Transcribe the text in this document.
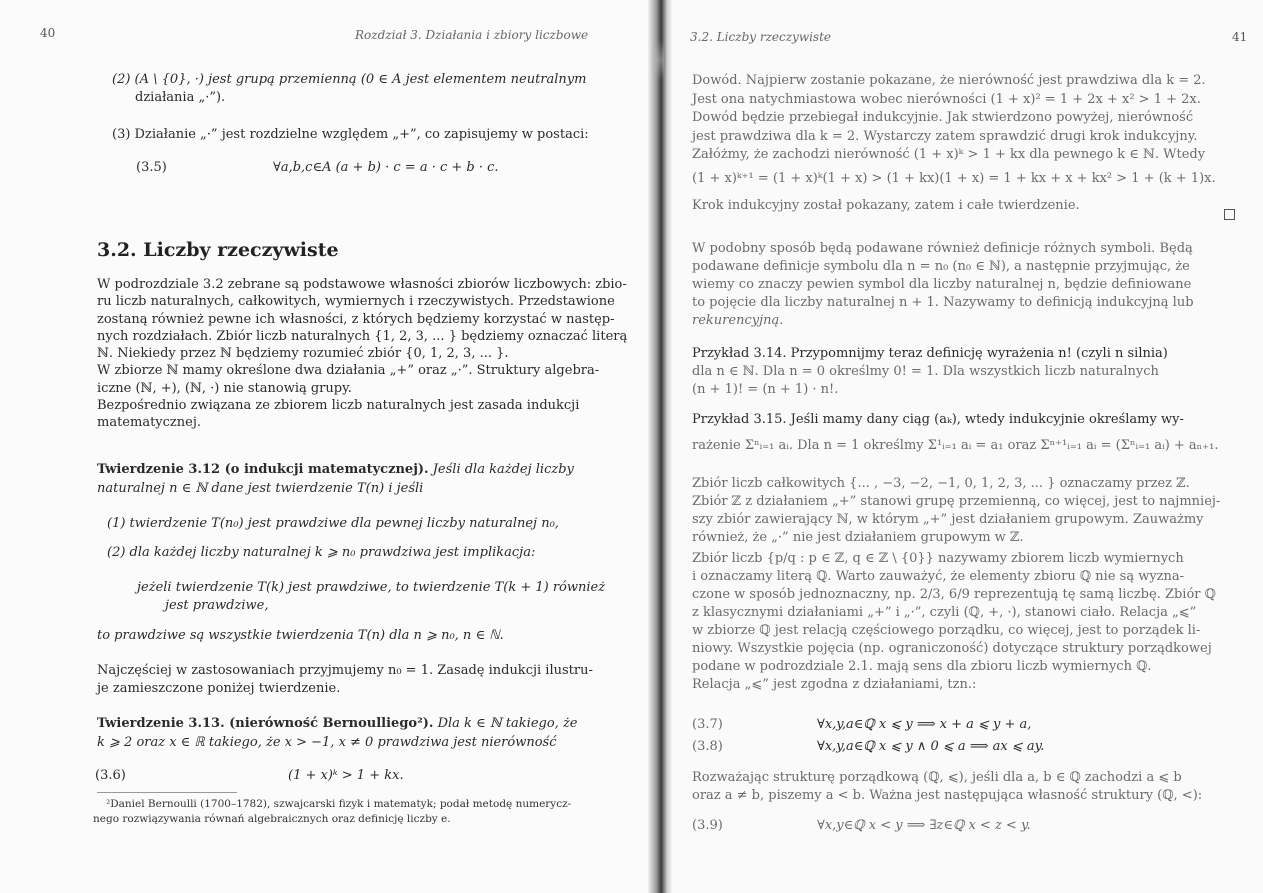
40	Rozdział 3. Działania i zbiory liczbowe
(2) (A \ {0}, ·) jest grupą przemienną (0 ∈ A jest elementem neutralnym
działania „·”).
(3) Działanie „·” jest rozdzielne względem „+”, co zapisujemy w postaci:
(3.5)	∀a,b,c∈A (a + b) · c = a · c + b · c.
3.2. Liczby rzeczywiste
W podrozdziale 3.2 zebrane są podstawowe własności zbiorów liczbowych: zbio-
ru liczb naturalnych, całkowitych, wymiernych i rzeczywistych. Przedstawione
zostaną również pewne ich własności, z których będziemy korzystać w następ-
nych rozdziałach. Zbiór liczb naturalnych {1, 2, 3, ... } będziemy oznaczać literą
ℕ. Niekiedy przez ℕ będziemy rozumieć zbiór {0, 1, 2, 3, ... }.
W zbiorze ℕ mamy określone dwa działania „+” oraz „·”. Struktury algebra-
iczne (ℕ, +), (ℕ, ·) nie stanowią grupy.
Bezpośrednio związana ze zbiorem liczb naturalnych jest zasada indukcji
matematycznej.
Twierdzenie 3.12 (o indukcji matematycznej). Jeśli dla każdej liczby
naturalnej n ∈ ℕ dane jest twierdzenie T(n) i jeśli
(1) twierdzenie T(n₀) jest prawdziwe dla pewnej liczby naturalnej n₀,
(2) dla każdej liczby naturalnej k ⩾ n₀ prawdziwa jest implikacja:
jeżeli twierdzenie T(k) jest prawdziwe, to twierdzenie T(k + 1) również
jest prawdziwe,
to prawdziwe są wszystkie twierdzenia T(n) dla n ⩾ n₀, n ∈ ℕ.
Najczęściej w zastosowaniach przyjmujemy n₀ = 1. Zasadę indukcji ilustru-
je zamieszczone poniżej twierdzenie.
Twierdzenie 3.13. (nierówność Bernoulliego²). Dla k ∈ ℕ takiego, że
k ⩾ 2 oraz x ∈ ℝ takiego, że x > −1, x ≠ 0 prawdziwa jest nierówność
(3.6)	(1 + x)ᵏ > 1 + kx.
²Daniel Bernoulli (1700–1782), szwajcarski fizyk i matematyk; podał metodę numerycz-
nego rozwiązywania równań algebraicznych oraz definicję liczby e.
3.2. Liczby rzeczywiste	41
Dowód. Najpierw zostanie pokazane, że nierówność jest prawdziwa dla k = 2.
Jest ona natychmiastowa wobec nierówności (1 + x)² = 1 + 2x + x² > 1 + 2x.
Dowód będzie przebiegał indukcyjnie. Jak stwierdzono powyżej, nierówność
jest prawdziwa dla k = 2. Wystarczy zatem sprawdzić drugi krok indukcyjny.
Załóżmy, że zachodzi nierówność (1 + x)ᵏ > 1 + kx dla pewnego k ∈ ℕ. Wtedy
(1 + x)ᵏ⁺¹ = (1 + x)ᵏ(1 + x) > (1 + kx)(1 + x) = 1 + kx + x + kx² > 1 + (k + 1)x.
Krok indukcyjny został pokazany, zatem i całe twierdzenie.
W podobny sposób będą podawane również definicje różnych symboli. Będą
podawane definicje symbolu dla n = n₀ (n₀ ∈ ℕ), a następnie przyjmując, że
wiemy co znaczy pewien symbol dla liczby naturalnej n, będzie definiowane
to pojęcie dla liczby naturalnej n + 1. Nazywamy to definicją indukcyjną lub
rekurencyjną.
Przykład 3.14. Przypomnijmy teraz definicję wyrażenia n! (czyli n silnia)
dla n ∈ ℕ. Dla n = 0 określmy 0! = 1. Dla wszystkich liczb naturalnych
(n + 1)! = (n + 1) · n!.
Przykład 3.15. Jeśli mamy dany ciąg (aₖ), wtedy indukcyjnie określamy wy-
rażenie Σⁿᵢ₌₁ aᵢ. Dla n = 1 określmy Σ¹ᵢ₌₁ aᵢ = a₁ oraz Σⁿ⁺¹ᵢ₌₁ aᵢ = (Σⁿᵢ₌₁ aᵢ) + aₙ₊₁.
Zbiór liczb całkowitych {... , −3, −2, −1, 0, 1, 2, 3, ... } oznaczamy przez ℤ.
Zbiór ℤ z działaniem „+” stanowi grupę przemienną, co więcej, jest to najmniej-
szy zbiór zawierający ℕ, w którym „+” jest działaniem grupowym. Zauważmy
również, że „·” nie jest działaniem grupowym w ℤ.
Zbiór liczb {p/q : p ∈ ℤ, q ∈ ℤ \ {0}} nazywamy zbiorem liczb wymiernych
i oznaczamy literą ℚ. Warto zauważyć, że elementy zbioru ℚ nie są wyzna-
czone w sposób jednoznaczny, np. 2/3, 6/9 reprezentują tę samą liczbę. Zbiór ℚ
z klasycznymi działaniami „+” i „·”, czyli (ℚ, +, ·), stanowi ciało. Relacja „⩽”
w zbiorze ℚ jest relacją częściowego porządku, co więcej, jest to porządek li-
niowy. Wszystkie pojęcia (np. ograniczoność) dotyczące struktury porządkowej
podane w podrozdziale 2.1. mają sens dla zbioru liczb wymiernych ℚ.
Relacja „⩽” jest zgodna z działaniami, tzn.:
(3.7)	∀x,y,a∈ℚ x ⩽ y ⟹ x + a ⩽ y + a,
(3.8)	∀x,y,a∈ℚ x ⩽ y ∧ 0 ⩽ a ⟹ ax ⩽ ay.
Rozważając strukturę porządkową (ℚ, ⩽), jeśli dla a, b ∈ ℚ zachodzi a ⩽ b
oraz a ≠ b, piszemy a < b. Ważna jest następująca własność struktury (ℚ, <):
(3.9)	∀x,y∈ℚ x < y ⟹ ∃z∈ℚ x < z < y.
